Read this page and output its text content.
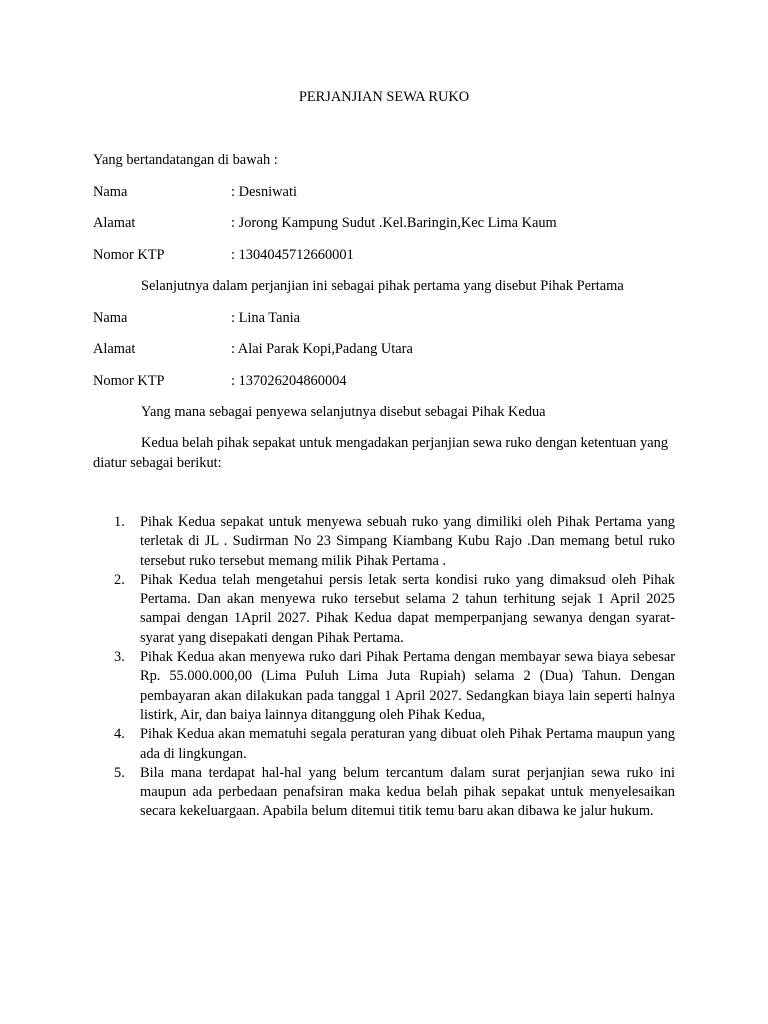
PERJANJIAN SEWA RUKO
Yang bertandatangan di bawah :
Nama	: Desniwati
Alamat	: Jorong Kampung Sudut .Kel.Baringin,Kec Lima Kaum
Nomor KTP	: 1304045712660001
Selanjutnya dalam perjanjian ini sebagai pihak pertama yang disebut Pihak Pertama
Nama	: Lina Tania
Alamat	: Alai Parak Kopi,Padang Utara
Nomor KTP	: 137026204860004
Yang mana sebagai penyewa selanjutnya disebut sebagai Pihak Kedua
Kedua belah pihak sepakat untuk mengadakan perjanjian sewa ruko dengan ketentuan yang diatur sebagai berikut:
1. Pihak Kedua sepakat untuk menyewa sebuah ruko yang dimiliki oleh Pihak Pertama yang terletak di JL . Sudirman No 23 Simpang Kiambang Kubu Rajo .Dan memang betul ruko tersebut ruko tersebut memang milik Pihak Pertama .
2. Pihak Kedua telah mengetahui persis letak serta kondisi ruko yang dimaksud oleh Pihak Pertama. Dan akan menyewa ruko tersebut selama 2 tahun terhitung sejak 1 April 2025 sampai dengan 1April 2027. Pihak Kedua dapat memperpanjang sewanya dengan syarat-syarat yang disepakati dengan Pihak Pertama.
3. Pihak Kedua akan menyewa ruko dari Pihak Pertama dengan membayar sewa biaya sebesar Rp. 55.000.000,00 (Lima Puluh Lima Juta Rupiah) selama 2 (Dua) Tahun. Dengan pembayaran akan dilakukan pada tanggal 1 April 2027. Sedangkan biaya lain seperti halnya listirk, Air, dan baiya lainnya ditanggung oleh Pihak Kedua,
4. Pihak Kedua akan mematuhi segala peraturan yang dibuat oleh Pihak Pertama maupun yang ada di lingkungan.
5. Bila mana terdapat hal-hal yang belum tercantum dalam surat perjanjian sewa ruko ini maupun ada perbedaan penafsiran maka kedua belah pihak sepakat untuk menyelesaikan secara kekeluargaan. Apabila belum ditemui titik temu baru akan dibawa ke jalur hukum.
